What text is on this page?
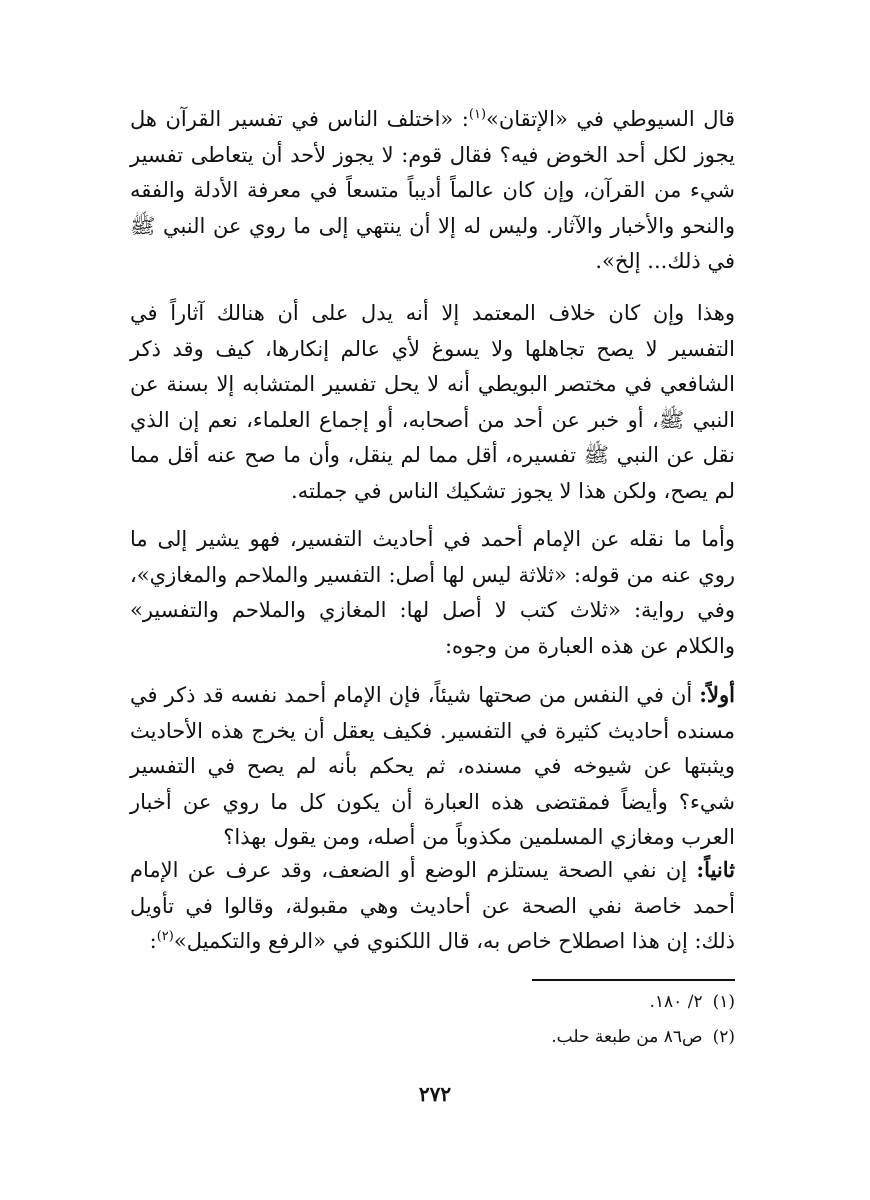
قال السيوطي في «الإتقان»$^{(١)}$: «اختلف الناس في تفسير القرآن هل يجوز لكل أحد الخوض فيه؟ فقال قوم: لا يجوز لأحد أن يتعاطى تفسير شيء من القرآن، وإن كان عالماً أديباً متسعاً في معرفة الأدلة والفقه والنحو والأخبار والآثار. وليس له إلا أن ينتهي إلى ما روي عن النبي ﷺ في ذلك... إلخ».

وهذا وإن كان خلاف المعتمد إلا أنه يدل على أن هنالك آثاراً في التفسير لا يصح تجاهلها ولا يسوغ لأي عالم إنكارها، كيف وقد ذكر الشافعي في مختصر البويطي أنه لا يحل تفسير المتشابه إلا بسنة عن النبي ﷺ، أو خبر عن أحد من أصحابه، أو إجماع العلماء، نعم إن الذي نقل عن النبي ﷺ تفسيره، أقل مما لم ينقل، وأن ما صح عنه أقل مما لم يصح، ولكن هذا لا يجوز تشكيك الناس في جملته.

وأما ما نقله عن الإمام أحمد في أحاديث التفسير، فهو يشير إلى ما روي عنه من قوله: «ثلاثة ليس لها أصل: التفسير والملاحم والمغازي»، وفي رواية: «ثلاث كتب لا أصل لها: المغازي والملاحم والتفسير» والكلام عن هذه العبارة من وجوه:

أولاً: أن في النفس من صحتها شيئاً، فإن الإمام أحمد نفسه قد ذكر في مسنده أحاديث كثيرة في التفسير. فكيف يعقل أن يخرج هذه الأحاديث ويثبتها عن شيوخه في مسنده، ثم يحكم بأنه لم يصح في التفسير شيء؟ وأيضاً فمقتضى هذه العبارة أن يكون كل ما روي عن أخبار العرب ومغازي المسلمين مكذوباً من أصله، ومن يقول بهذا؟

ثانياً: إن نفي الصحة يستلزم الوضع أو الضعف، وقد عرف عن الإمام أحمد خاصة نفي الصحة عن أحاديث وهي مقبولة، وقالوا في تأويل ذلك: إن هذا اصطلاح خاص به، قال اللكنوي في «الرفع والتكميل»$^{(٢)}$:

(١)٢/ ١٨٠.

(٢)ص٨٦ من طبعة حلب.

٢٧٢
